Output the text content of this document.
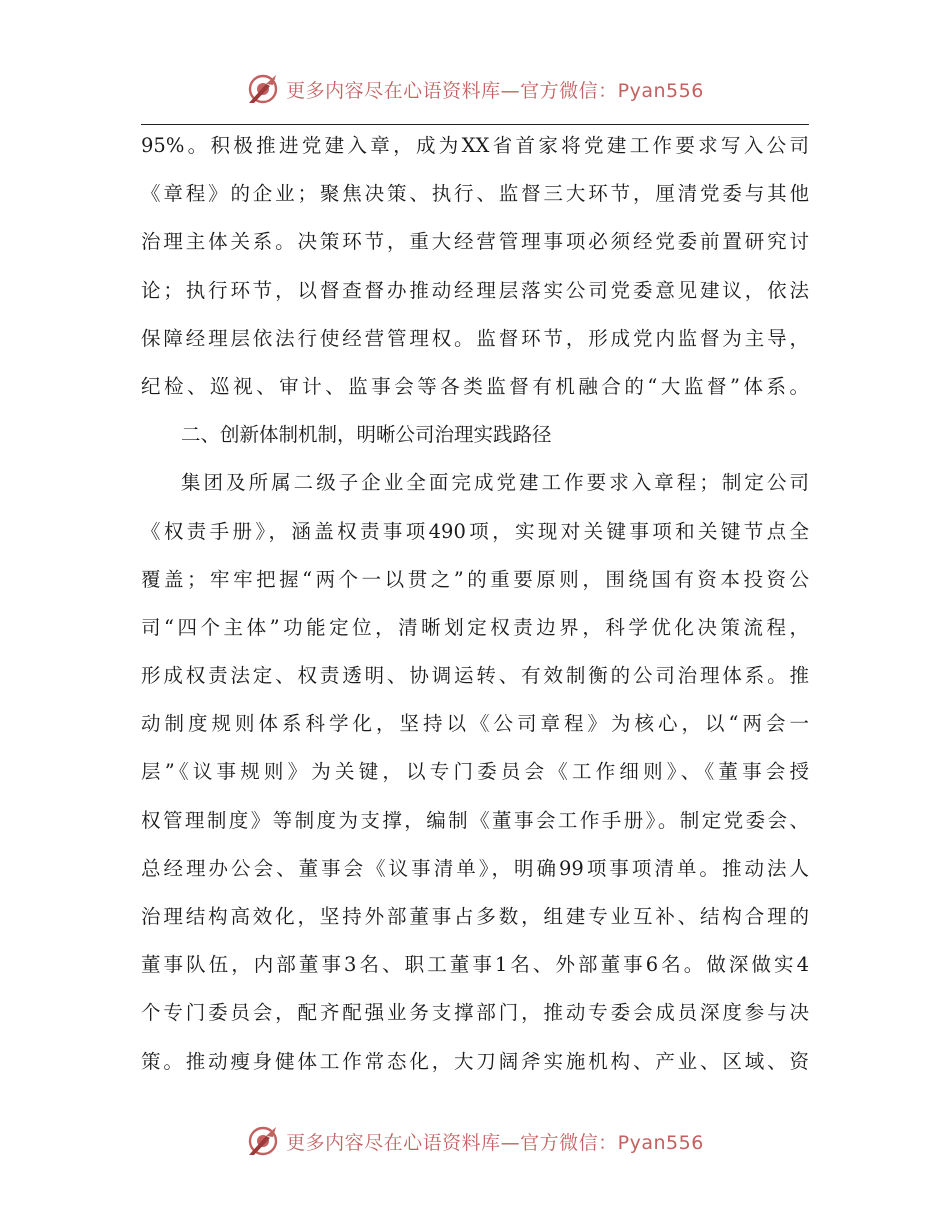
更多内容尽在心语资料库—官方微信：Pyan556
95%。积极推进党建入章，成为XX省首家将党建工作要求写入公司
《章程》的企业；聚焦决策、执行、监督三大环节，厘清党委与其他
治理主体关系。决策环节，重大经营管理事项必须经党委前置研究讨
论；执行环节，以督查督办推动经理层落实公司党委意见建议，依法
保障经理层依法行使经营管理权。监督环节，形成党内监督为主导，
纪检、巡视、审计、监事会等各类监督有机融合的“大监督”体系。
二、创新体制机制，明晰公司治理实践路径
集团及所属二级子企业全面完成党建工作要求入章程；制定公司
《权责手册》，涵盖权责事项490项，实现对关键事项和关键节点全
覆盖；牢牢把握“两个一以贯之”的重要原则，围绕国有资本投资公
司“四个主体”功能定位，清晰划定权责边界，科学优化决策流程，
形成权责法定、权责透明、协调运转、有效制衡的公司治理体系。推
动制度规则体系科学化，坚持以《公司章程》为核心，以“两会一
层”《议事规则》为关键，以专门委员会《工作细则》、《董事会授
权管理制度》等制度为支撑，编制《董事会工作手册》。制定党委会、
总经理办公会、董事会《议事清单》，明确99项事项清单。推动法人
治理结构高效化，坚持外部董事占多数，组建专业互补、结构合理的
董事队伍，内部董事3名、职工董事1名、外部董事6名。做深做实4
个专门委员会，配齐配强业务支撑部门，推动专委会成员深度参与决
策。推动瘦身健体工作常态化，大刀阔斧实施机构、产业、区域、资
更多内容尽在心语资料库—官方微信：Pyan556
